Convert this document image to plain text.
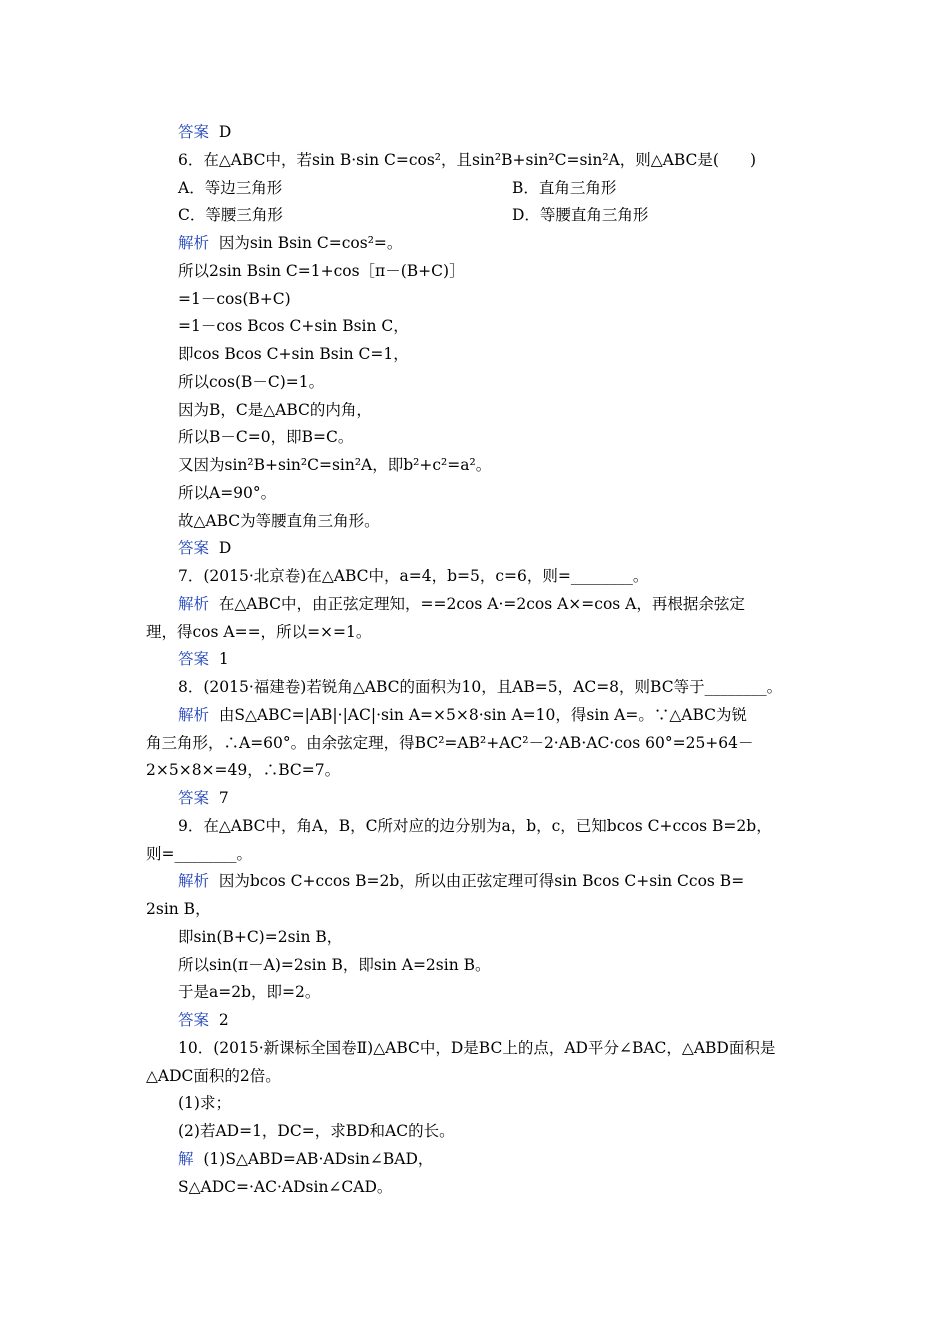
答案  D
6．在△ABC中，若sin B·sin C=cos²，且sin²B+sin²C=sin²A，则△ABC是(　　)
A．等边三角形	B．直角三角形
C．等腰三角形	D．等腰直角三角形
解析  因为sin Bsin C=cos²=。
所以2sin Bsin C=1+cos［π－(B+C)］
=1－cos(B+C)
=1－cos Bcos C+sin Bsin C，
即cos Bcos C+sin Bsin C=1，
所以cos(B－C)=1。
因为B，C是△ABC的内角，
所以B－C=0，即B=C。
又因为sin²B+sin²C=sin²A，即b²+c²=a²。
所以A=90°。
故△ABC为等腰直角三角形。
答案  D
7．(2015·北京卷)在△ABC中，a=4，b=5，c=6，则=________。
解析  在△ABC中，由正弦定理知，==2cos A·=2cos A×=cos A，再根据余弦定
理，得cos A==，所以=×=1。
答案  1
8．(2015·福建卷)若锐角△ABC的面积为10，且AB=5，AC=8，则BC等于________。
解析  由S△ABC=|AB|·|AC|·sin A=×5×8·sin A=10，得sin A=。∵△ABC为锐
角三角形，∴A=60°。由余弦定理，得BC²=AB²+AC²－2·AB·AC·cos 60°=25+64－
2×5×8×=49，∴BC=7。
答案  7
9．在△ABC中，角A，B，C所对应的边分别为a，b，c，已知bcos C+ccos B=2b，
则=________。
解析  因为bcos C+ccos B=2b，所以由正弦定理可得sin Bcos C+sin Ccos B=
2sin B，
即sin(B+C)=2sin B，
所以sin(π－A)=2sin B，即sin A=2sin B。
于是a=2b，即=2。
答案  2
10．(2015·新课标全国卷Ⅱ)△ABC中，D是BC上的点，AD平分∠BAC，△ABD面积是
△ADC面积的2倍。
(1)求；
(2)若AD=1，DC=，求BD和AC的长。
解  (1)S△ABD=AB·ADsin∠BAD，
S△ADC=·AC·ADsin∠CAD。
